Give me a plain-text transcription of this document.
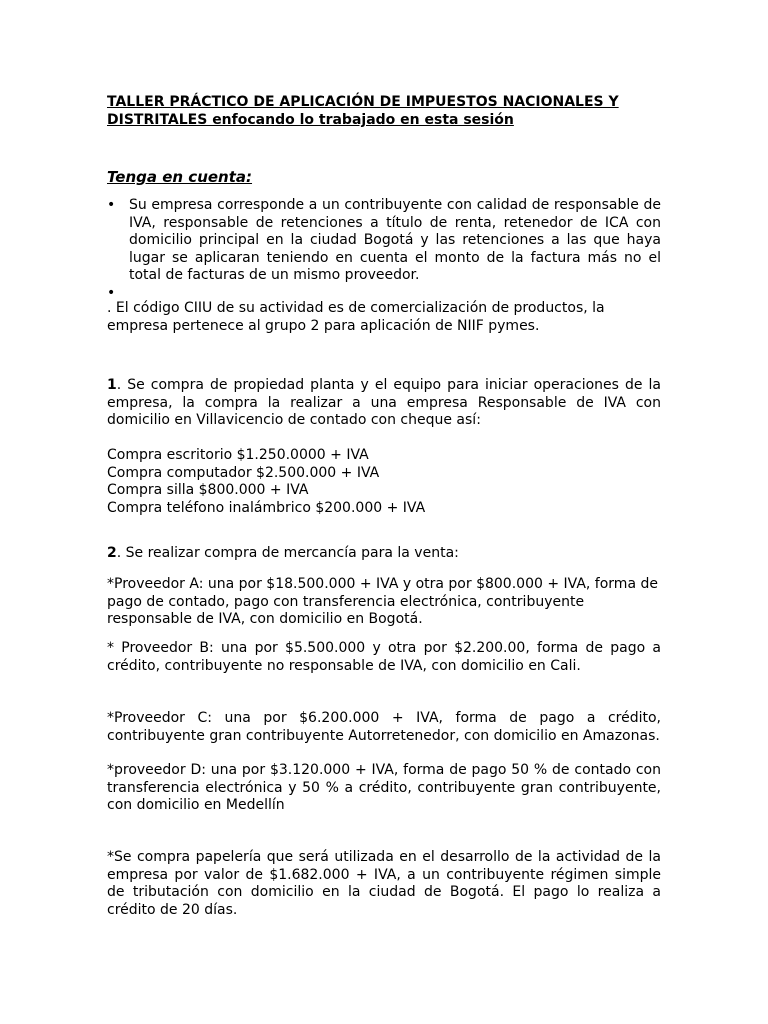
TALLER PRÁCTICO DE APLICACIÓN DE IMPUESTOS NACIONALES Y DISTRITALES enfocando lo trabajado en esta sesión

Tenga en cuenta:

• Su empresa corresponde a un contribuyente con calidad de responsable de IVA, responsable de retenciones a título de renta, retenedor de ICA con domicilio principal en la ciudad Bogotá y las retenciones a las que haya lugar se aplicaran teniendo en cuenta el monto de la factura más no el total de facturas de un mismo proveedor.
•

. El código CIIU de su actividad es de comercialización de productos, la empresa pertenece al grupo 2 para aplicación de NIIF pymes.

1. Se compra de propiedad planta y el equipo para iniciar operaciones de la empresa, la compra la realizar a una empresa Responsable de IVA con domicilio en Villavicencio de contado con cheque así:

Compra escritorio $1.250.0000 + IVA
Compra computador $2.500.000 + IVA
Compra silla $800.000 + IVA
Compra teléfono inalámbrico $200.000 + IVA

2. Se realizar compra de mercancía para la venta:

*Proveedor A: una por $18.500.000 + IVA y otra por $800.000 + IVA, forma de pago de contado, pago con transferencia electrónica, contribuyente responsable de IVA, con domicilio en Bogotá.

* Proveedor B: una por $5.500.000 y otra por $2.200.00, forma de pago a crédito, contribuyente no responsable de IVA, con domicilio en Cali.

*Proveedor C: una por $6.200.000 + IVA, forma de pago a crédito, contribuyente gran contribuyente Autorretenedor, con domicilio en Amazonas.

*proveedor D: una por $3.120.000 + IVA, forma de pago 50 % de contado con transferencia electrónica y 50 % a crédito, contribuyente gran contribuyente, con domicilio en Medellín

*Se compra papelería que será utilizada en el desarrollo de la actividad de la empresa por valor de $1.682.000 + IVA, a un contribuyente régimen simple de tributación con domicilio en la ciudad de Bogotá. El pago lo realiza a crédito de 20 días.
